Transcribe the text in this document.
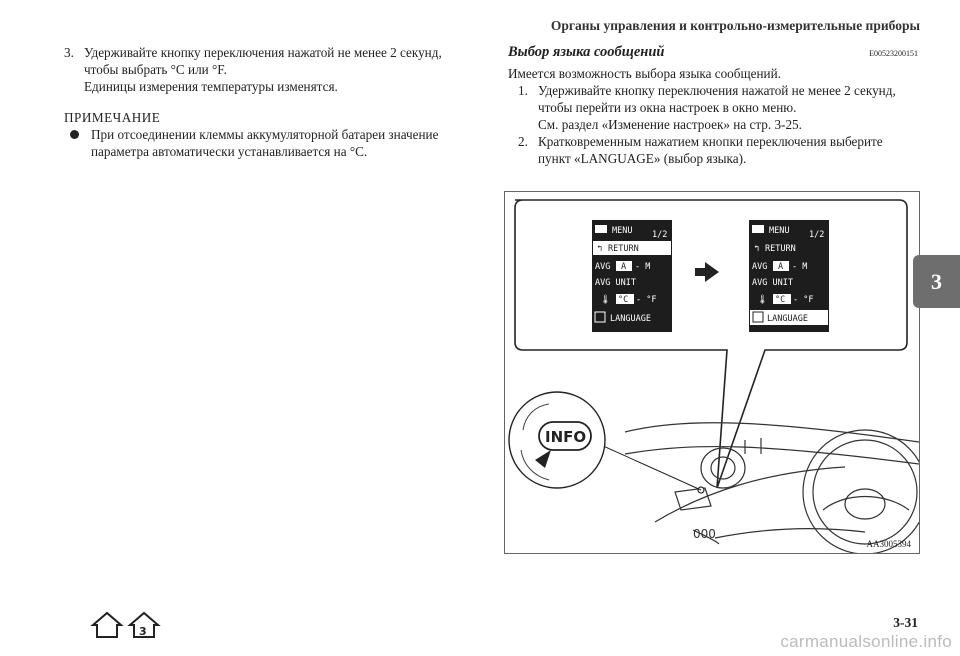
Органы управления и контрольно-измерительные приборы
3. Удерживайте кнопку переключения нажатой не менее 2 секунд,
чтобы выбрать °C или °F.
Единицы измерения температуры изменятся.
ПРИМЕЧАНИЕ
При отсоединении клеммы аккумуляторной батареи значение
параметра автоматически устанавливается на °C.
Выбор языка сообщений	E00523200151
Имеется возможность выбора языка сообщений.
1. Удерживайте кнопку переключения нажатой не менее 2 секунд,
чтобы перейти из окна настроек в окно меню.
См. раздел «Изменение настроек» на стр. 3-25.
2. Кратковременным нажатием кнопки переключения выберите
пункт «LANGUAGE» (выбор языка).
MENU 1/2
↰ RETURN
AVG A - M
AVG UNIT
🌡 °C - °F
LANGUAGE
MENU 1/2
↰ RETURN
AVG A - M
AVG UNIT
🌡 °C - °F
LANGUAGE
000
INFO
AA3005394
3
3
3-31
carmanualsonline.info
